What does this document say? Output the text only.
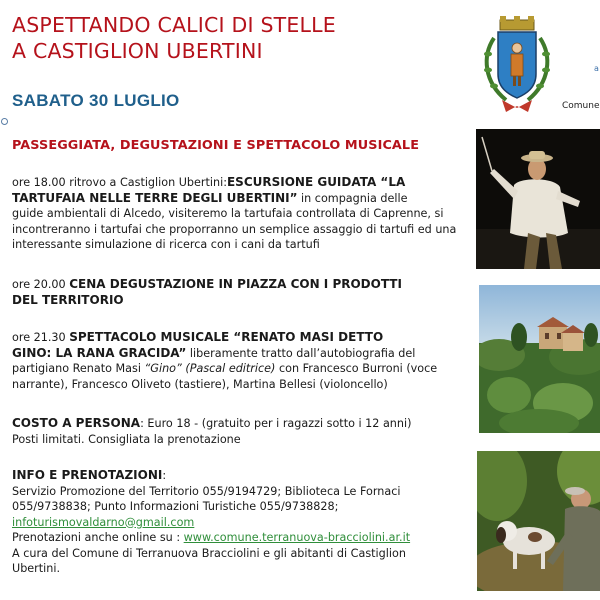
ASPETTANDO CALICI DI STELLE
A CASTIGLION UBERTINI
SABATO 30 LUGLIO
PASSEGGIATA, DEGUSTAZIONI E SPETTACOLO MUSICALE
a
Comune
ore 18.00 ritrovo a Castiglion Ubertini:ESCURSIONE GUIDATA “LA
TARTUFAIA NELLE TERRE DEGLI UBERTINI” in compagnia delle
guide ambientali di Alcedo, visiteremo la tartufaia controllata di Caprenne, si
incontreranno i tartufai che proporranno un semplice assaggio di tartufi ed una
interessante simulazione di ricerca con i cani da tartufi
ore 20.00 CENA DEGUSTAZIONE IN PIAZZA CON I PRODOTTI
DEL TERRITORIO
ore 21.30 SPETTACOLO MUSICALE “RENATO MASI DETTO
GINO: LA RANA GRACIDA” liberamente tratto dall’autobiografia del
partigiano Renato Masi “Gino” (Pascal editrice) con Francesco Burroni (voce
narrante), Francesco Oliveto (tastiere), Martina Bellesi (violoncello)
COSTO A PERSONA: Euro 18 - (gratuito per i ragazzi sotto i 12 anni)
Posti limitati. Consigliata la prenotazione
INFO E PRENOTAZIONI:
Servizio Promozione del Territorio 055/9194729; Biblioteca Le Fornaci
055/9738838; Punto Informazioni Turistiche 055/9738828;
infoturismovaldarno@gmail.com
Prenotazioni anche online su : www.comune.terranuova-bracciolini.ar.it
A cura del Comune di Terranuova Bracciolini e gli abitanti di Castiglion
Ubertini.
